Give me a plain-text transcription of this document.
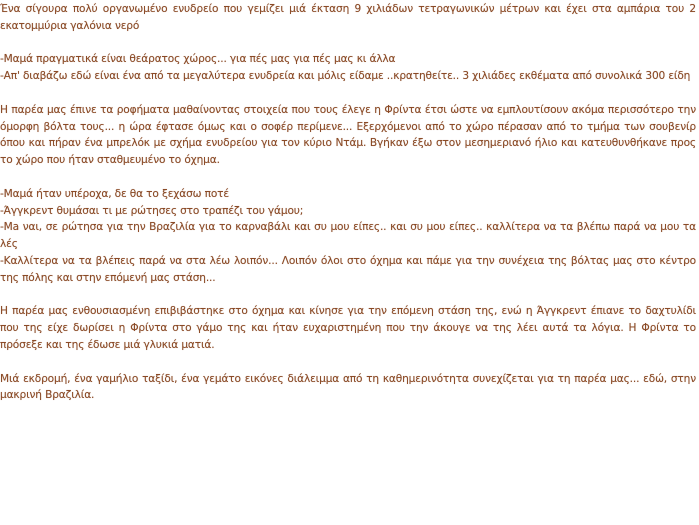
Ένα σίγουρα πολύ οργανωμένο ενυδρείο που γεμίζει μιά έκταση 9 χιλιάδων τετραγωνικών μέτρων και έχει στα αμπάρια του 2 εκατομμύρια γαλόνια νερό

-Μαμά πραγματικά είναι θεάρατος χώρος... για πές μας για πές μας κι άλλα
-Απ' διαβάζω εδώ είναι ένα από τα μεγαλύτερα ενυδρεία και μόλις είδαμε ..κρατηθείτε.. 3 χιλιάδες εκθέματα από συνολικά 300 είδη

Η παρέα μας έπινε τα ροφήματα μαθαίνοντας στοιχεία που τους έλεγε η Φρίντα έτσι ώστε να εμπλουτίσουν ακόμα περισσότερο την όμορφη βόλτα τους... η ώρα έφτασε όμως και ο σοφέρ περίμενε... Εξερχόμενοι από το χώρο πέρασαν από το τμήμα των σουβενίρ όπου και πήραν ένα μπρελόκ με σχήμα ενυδρείου για τον κύριο Ντάμ. Βγήκαν έξω στον μεσημεριανό ήλιο και κατευθυνθήκανε προς το χώρο που ήταν σταθμευμένο το όχημα.

-Μαμά ήταν υπέροχα, δε θα το ξεχάσω ποτέ
-Άγγκρεντ θυμάσαι τι με ρώτησες στο τραπέζι του γάμου;
-Ma ναι, σε ρώτησα για την Βραζιλία για το καρναβάλι και συ μου είπες.. και συ μου είπες.. καλλίτερα να τα βλέπω παρά να μου τα λές
-Καλλίτερα να τα βλέπεις παρά να στα λέω λοιπόν... Λοιπόν όλοι στο όχημα και πάμε για την συνέχεια της βόλτας μας στο κέντρο της πόλης και στην επόμενή μας στάση...

Η παρέα μας ενθουσιασμένη επιβιβάστηκε στο όχημα και κίνησε για την επόμενη στάση της, ενώ η Άγγκρεντ έπιανε το δαχτυλίδι που της είχε δωρίσει η Φρίντα στο γάμο της και ήταν ευχαριστημένη που την άκουγε να της λέει αυτά τα λόγια. Η Φρίντα το πρόσεξε και της έδωσε μιά γλυκιά ματιά.

Μιά εκδρομή, ένα γαμήλιο ταξίδι, ένα γεμάτο εικόνες διάλειμμα από τη καθημερινότητα συνεχίζεται για τη παρέα μας... εδώ, στην μακρινή Βραζιλία.
